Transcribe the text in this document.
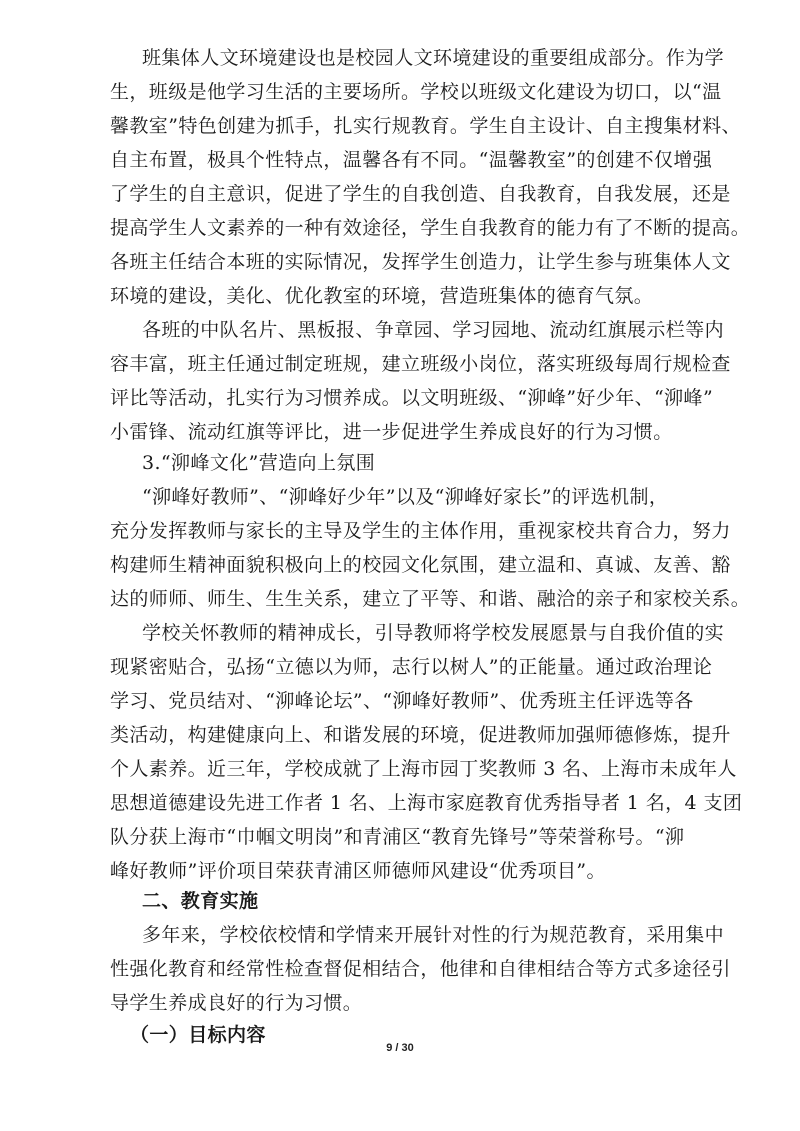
班集体人文环境建设也是校园人文环境建设的重要组成部分。作为学
生，班级是他学习生活的主要场所。学校以班级文化建设为切口，以“温
馨教室”特色创建为抓手，扎实行规教育。学生自主设计、自主搜集材料、
自主布置，极具个性特点，温馨各有不同。“温馨教室”的创建不仅增强
了学生的自主意识，促进了学生的自我创造、自我教育，自我发展，还是
提高学生人文素养的一种有效途径，学生自我教育的能力有了不断的提高。
各班主任结合本班的实际情况，发挥学生创造力，让学生参与班集体人文
环境的建设，美化、优化教室的环境，营造班集体的德育气氛。
各班的中队名片、黑板报、争章园、学习园地、流动红旗展示栏等内
容丰富，班主任通过制定班规，建立班级小岗位，落实班级每周行规检查
评比等活动，扎实行为习惯养成。以文明班级、“泖峰”好少年、“泖峰”
小雷锋、流动红旗等评比，进一步促进学生养成良好的行为习惯。
3.“泖峰文化”营造向上氛围
“泖峰好教师”、“泖峰好少年”以及“泖峰好家长”的评选机制，
充分发挥教师与家长的主导及学生的主体作用，重视家校共育合力，努力
构建师生精神面貌积极向上的校园文化氛围，建立温和、真诚、友善、豁
达的师师、师生、生生关系，建立了平等、和谐、融洽的亲子和家校关系。
学校关怀教师的精神成长，引导教师将学校发展愿景与自我价值的实
现紧密贴合，弘扬“立德以为师，志行以树人”的正能量。通过政治理论
学习、党员结对、“泖峰论坛”、“泖峰好教师”、优秀班主任评选等各
类活动，构建健康向上、和谐发展的环境，促进教师加强师德修炼，提升
个人素养。近三年，学校成就了上海市园丁奖教师 3 名、上海市未成年人
思想道德建设先进工作者 1 名、上海市家庭教育优秀指导者 1 名，4 支团
队分获上海市“巾帼文明岗”和青浦区“教育先锋号”等荣誉称号。“泖
峰好教师”评价项目荣获青浦区师德师风建设“优秀项目”。
二、教育实施
多年来，学校依校情和学情来开展针对性的行为规范教育，采用集中
性强化教育和经常性检查督促相结合，他律和自律相结合等方式多途径引
导学生养成良好的行为习惯。
（一）目标内容
9 / 30
